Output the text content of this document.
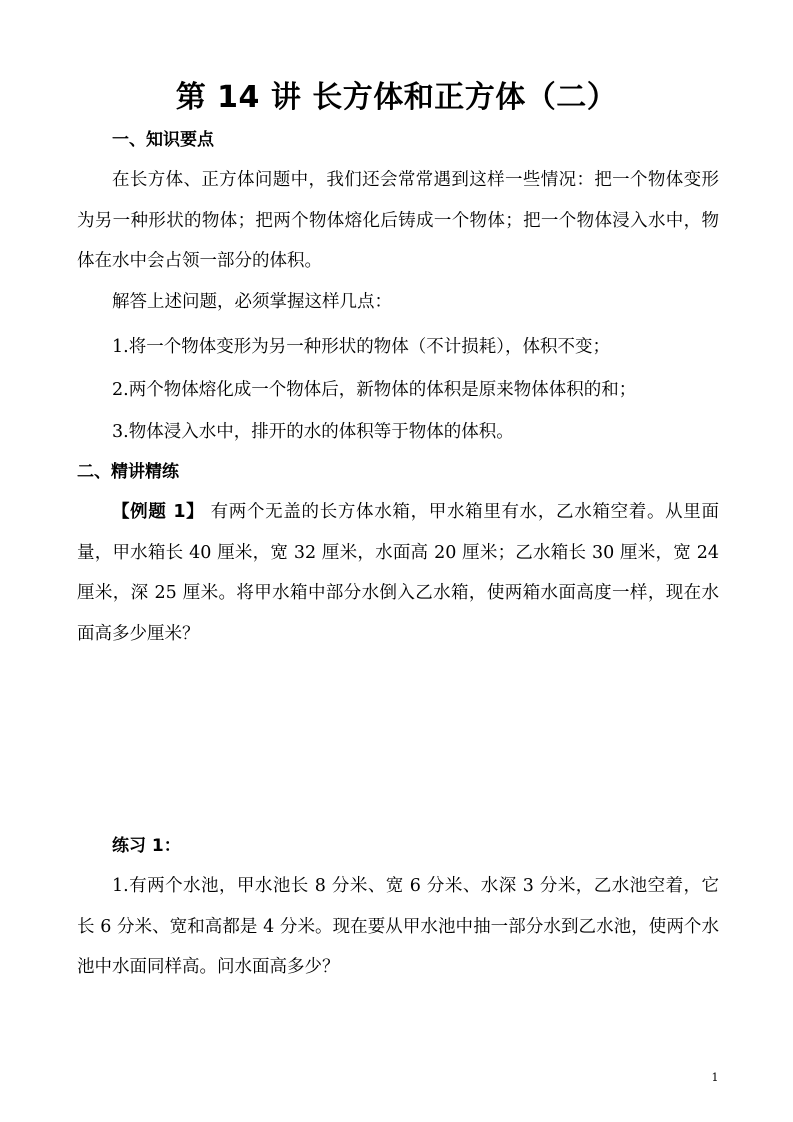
第 14 讲 长方体和正方体（二）
一、知识要点

在长方体、正方体问题中，我们还会常常遇到这样一些情况：把一个物体变形为另一种形状的物体；把两个物体熔化后铸成一个物体；把一个物体浸入水中，物体在水中会占领一部分的体积。

解答上述问题，必须掌握这样几点：

1.将一个物体变形为另一种形状的物体（不计损耗），体积不变；

2.两个物体熔化成一个物体后，新物体的体积是原来物体体积的和；

3.物体浸入水中，排开的水的体积等于物体的体积。

二、精讲精练

【例题 1】 有两个无盖的长方体水箱，甲水箱里有水，乙水箱空着。从里面量，甲水箱长 40 厘米，宽 32 厘米，水面高 20 厘米；乙水箱长 30 厘米，宽 24 厘米，深 25 厘米。将甲水箱中部分水倒入乙水箱，使两箱水面高度一样，现在水面高多少厘米？

练习 1：

1.有两个水池，甲水池长 8 分米、宽 6 分米、水深 3 分米，乙水池空着，它长 6 分米、宽和高都是 4 分米。现在要从甲水池中抽一部分水到乙水池，使两个水池中水面同样高。问水面高多少？

1
